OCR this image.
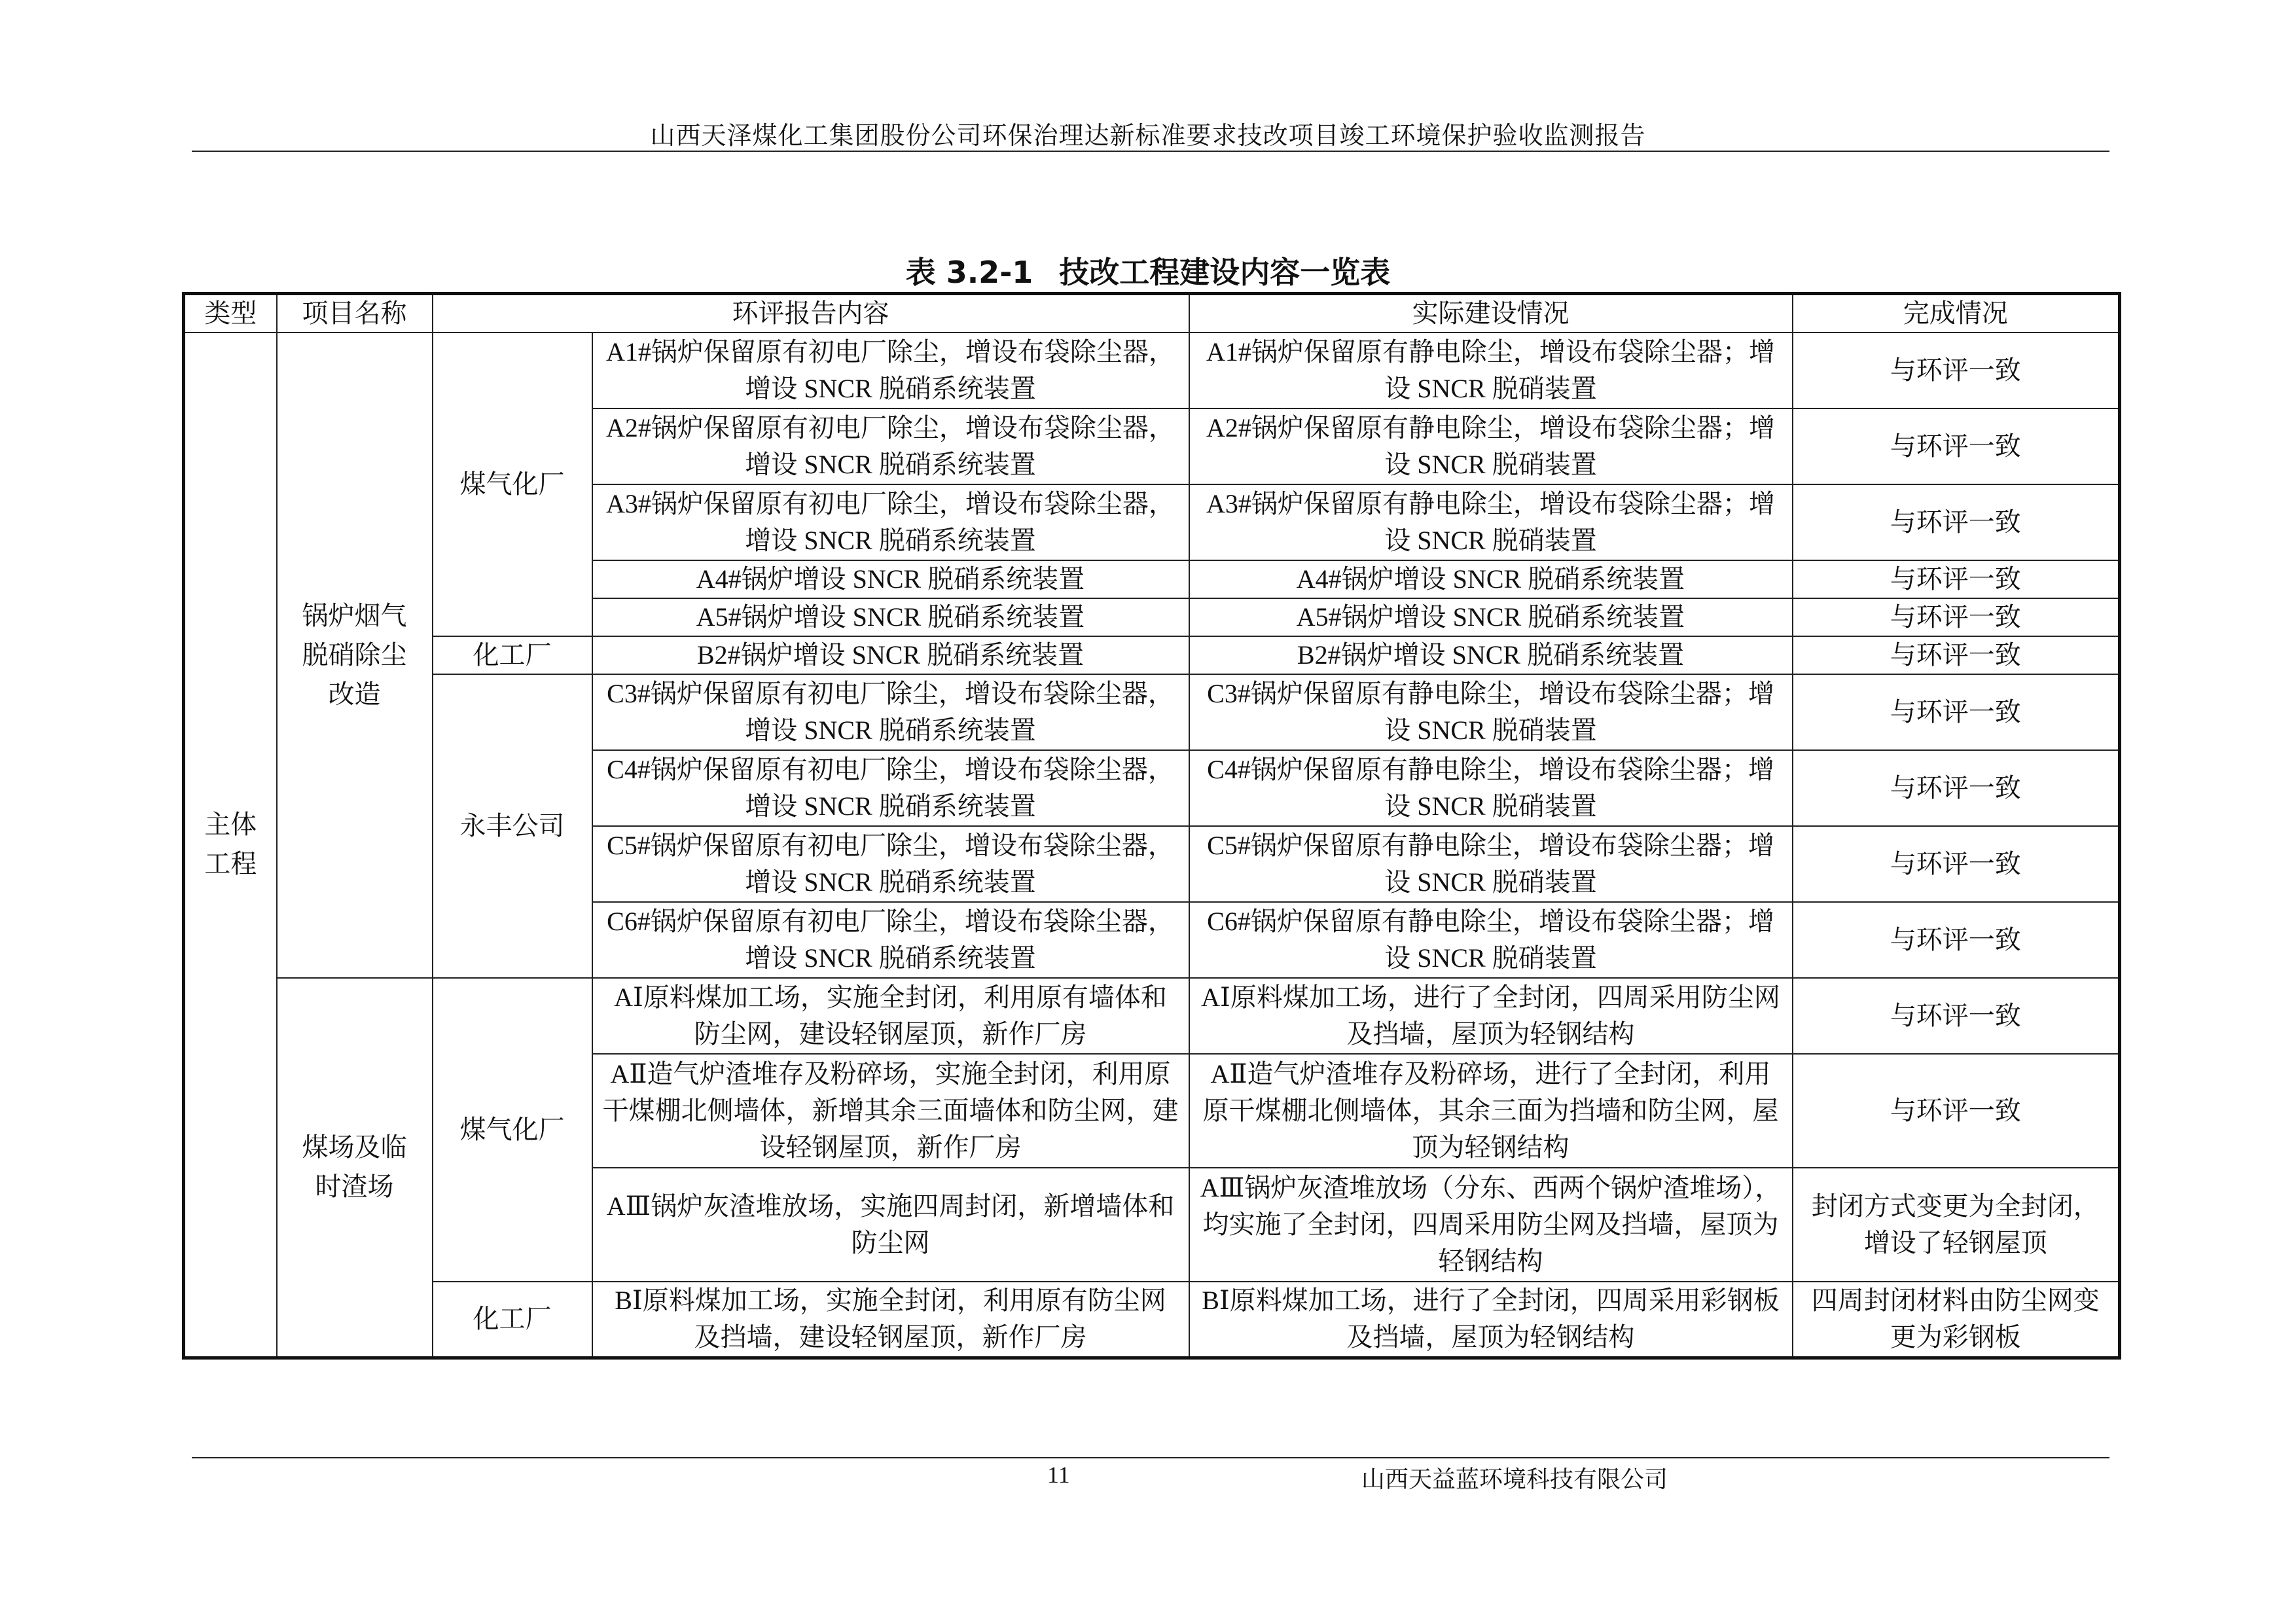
山西天泽煤化工集团股份公司环保治理达新标准要求技改项目竣工环境保护验收监测报告
表 3.2-1 技改工程建设内容一览表
类型	项目名称	环评报告内容		实际建设情况	完成情况
主体工程	锅炉烟气脱硝除尘改造	煤气化厂	A1#锅炉保留原有初电厂除尘，增设布袋除尘器，增设 SNCR 脱硝系统装置	A1#锅炉保留原有静电除尘，增设布袋除尘器；增设 SNCR 脱硝装置	与环评一致
			A2#锅炉保留原有初电厂除尘，增设布袋除尘器，增设 SNCR 脱硝系统装置	A2#锅炉保留原有静电除尘，增设布袋除尘器；增设 SNCR 脱硝装置	与环评一致
			A3#锅炉保留原有初电厂除尘，增设布袋除尘器，增设 SNCR 脱硝系统装置	A3#锅炉保留原有静电除尘，增设布袋除尘器；增设 SNCR 脱硝装置	与环评一致
			A4#锅炉增设 SNCR 脱硝系统装置	A4#锅炉增设 SNCR 脱硝系统装置	与环评一致
			A5#锅炉增设 SNCR 脱硝系统装置	A5#锅炉增设 SNCR 脱硝系统装置	与环评一致
		化工厂	B2#锅炉增设 SNCR 脱硝系统装置	B2#锅炉增设 SNCR 脱硝系统装置	与环评一致
		永丰公司	C3#锅炉保留原有初电厂除尘，增设布袋除尘器，增设 SNCR 脱硝系统装置	C3#锅炉保留原有静电除尘，增设布袋除尘器；增设 SNCR 脱硝装置	与环评一致
			C4#锅炉保留原有初电厂除尘，增设布袋除尘器，增设 SNCR 脱硝系统装置	C4#锅炉保留原有静电除尘，增设布袋除尘器；增设 SNCR 脱硝装置	与环评一致
			C5#锅炉保留原有初电厂除尘，增设布袋除尘器，增设 SNCR 脱硝系统装置	C5#锅炉保留原有静电除尘，增设布袋除尘器；增设 SNCR 脱硝装置	与环评一致
			C6#锅炉保留原有初电厂除尘，增设布袋除尘器，增设 SNCR 脱硝系统装置	C6#锅炉保留原有静电除尘，增设布袋除尘器；增设 SNCR 脱硝装置	与环评一致
	煤场及临时渣场	煤气化厂	AⅠ原料煤加工场，实施全封闭，利用原有墙体和防尘网，建设轻钢屋顶，新作厂房	AⅠ原料煤加工场，进行了全封闭，四周采用防尘网及挡墙，屋顶为轻钢结构	与环评一致
			AⅡ造气炉渣堆存及粉碎场，实施全封闭，利用原干煤棚北侧墙体，新增其余三面墙体和防尘网，建设轻钢屋顶，新作厂房	AⅡ造气炉渣堆存及粉碎场，进行了全封闭，利用原干煤棚北侧墙体，其余三面为挡墙和防尘网，屋顶为轻钢结构	与环评一致
			AⅢ锅炉灰渣堆放场，实施四周封闭，新增墙体和防尘网	AⅢ锅炉灰渣堆放场（分东、西两个锅炉渣堆场），均实施了全封闭，四周采用防尘网及挡墙，屋顶为轻钢结构	封闭方式变更为全封闭，增设了轻钢屋顶
		化工厂	BⅠ原料煤加工场，实施全封闭，利用原有防尘网及挡墙，建设轻钢屋顶，新作厂房	BⅠ原料煤加工场，进行了全封闭，四周采用彩钢板及挡墙，屋顶为轻钢结构	四周封闭材料由防尘网变更为彩钢板
11	山西天益蓝环境科技有限公司
